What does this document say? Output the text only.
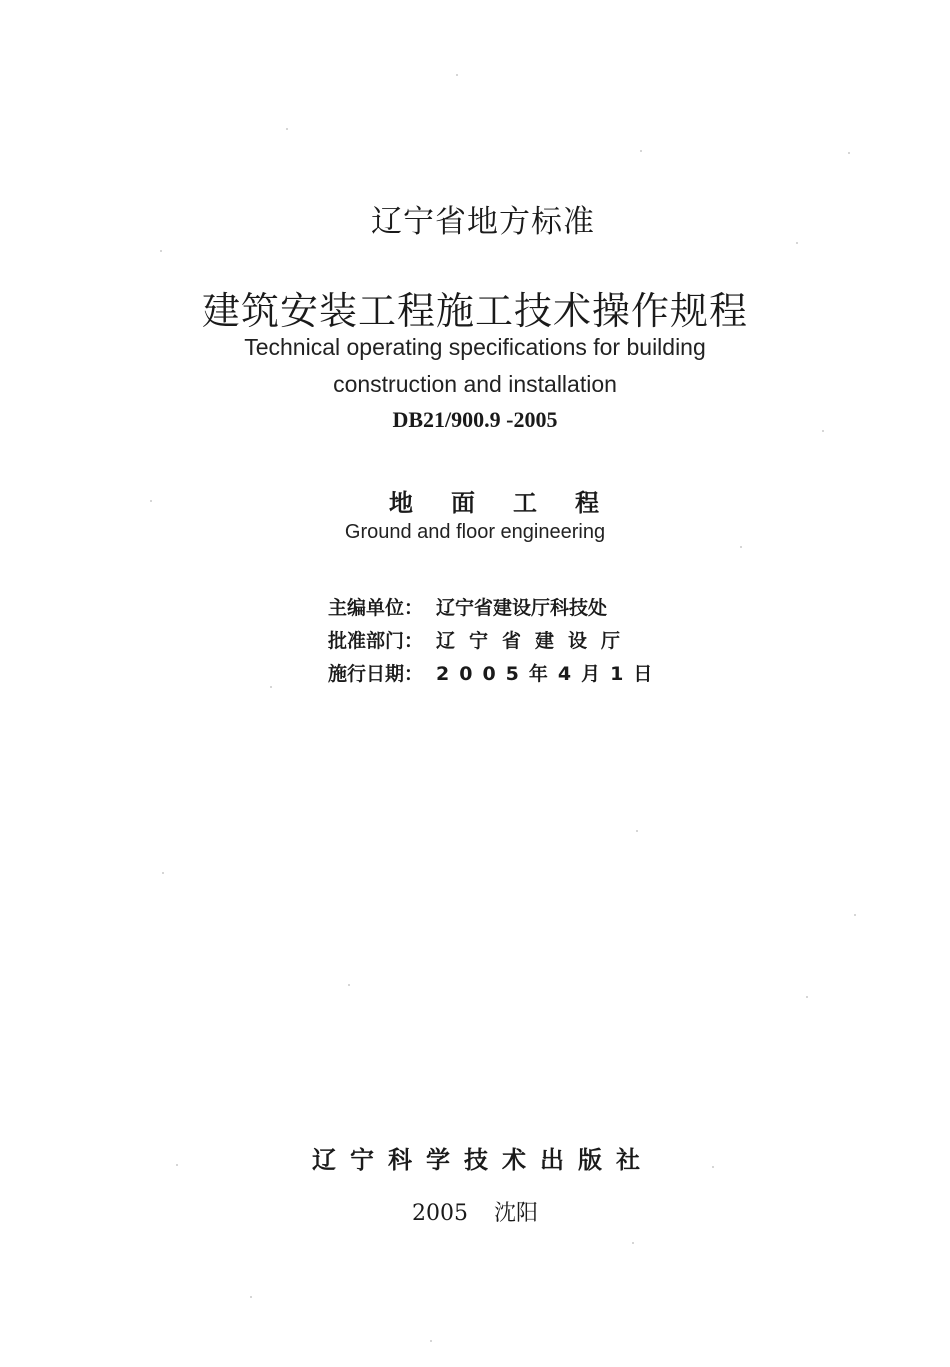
辽宁省地方标准
建筑安装工程施工技术操作规程
Technical operating specifications for building
construction and installation
DB21/900.9 -2005
地面工程
Ground and floor engineering
主编单位： 辽宁省建设厅科技处
批准部门： 辽宁省建设厅
施行日期： 2005年4月1日
辽宁科学技术出版社
2005 沈阳
